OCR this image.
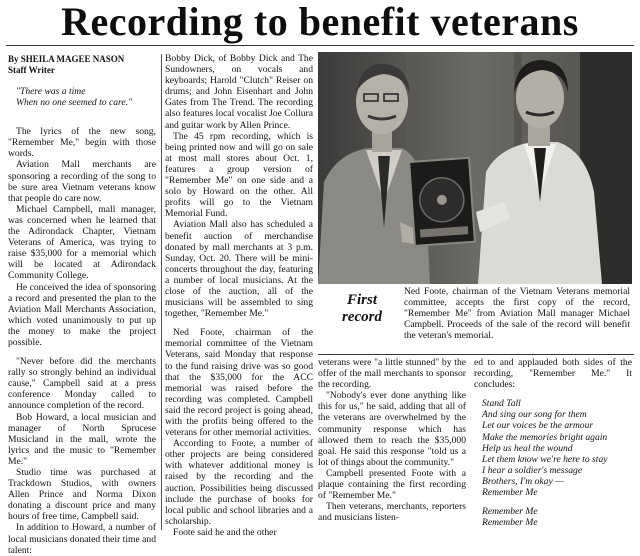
Recording to benefit veterans

By SHEILA MAGEE NASON

Staff Writer

"There was a time
When no one seemed to care."

The lyrics of the new song, "Remember Me," begin with those words.

Aviation Mall merchants are sponsoring a recording of the song to be sure area Vietnam veterans know that people do care now.

Michael Campbell, mall manager, was concerned when he learned that the Adirondack Chapter, Vietnam Veterans of America, was trying to raise $35,000 for a memorial which will be located at Adirondack Community College.

He conceived the idea of sponsoring a record and presented the plan to the Aviation Mall Merchants Association, which voted unanimously to put up the money to make the project possible.

"Never before did the merchants rally so strongly behind an individual cause," Campbell said at a press conference Monday called to announce completion of the record.

Bob Howard, a local musician and manager of North Sprucese Musicland in the mall, wrote the lyrics and the music to "Remember Me."

Studio time was purchased at Trackdown Studios, with owners Allen Prince and Norma Dixon donating a discount price and many hours of free time, Campbell said.

In addition to Howard, a number of local musicians donated their time and talent:

Bobby Dick, of Bobby Dick and The Sundowners, on vocals and keyboards; Harold "Clutch" Reiser on drums; and John Eisenhart and John Gates from The Trend. The recording also features local vocalist Joe Collura and guitar work by Allen Prince.

The 45 rpm recording, which is being printed now and will go on sale at most mall stores about Oct. 1, features a group version of "Remember Me" on one side and a solo by Howard on the other. All profits will go to the Vietnam Memorial Fund.

Aviation Mall also has scheduled a benefit auction of merchandise donated by mall merchants at 3 p.m. Sunday, Oct. 20. There will be mini-concerts throughout the day, featuring a number of local musicians. At the close of the auction, all of the musicians will be assembled to sing together, "Remember Me."

Ned Foote, chairman of the memorial committee of the Vietnam Veterans, said Monday that response to the fund raising drive was so good that the $35,000 for the ACC memorial was raised before the recording was completed. Campbell said the record project is going ahead, with the profits being offered to the veterans for other memorial activities.

According to Foote, a number of other projects are being considered with whatever additional money is raised by the recording and the auction. Possibilities being discussed include the purchase of books for local public and school libraries and a scholarship.

Foote said he and the other

First
record
Ned Foote, chairman of the Vietnam Veterans memorial committee, accepts the first copy of the record, "Remember Me" from Aviation Mall manager Michael Campbell. Proceeds of the sale of the record will benefit the veteran's memorial.

veterans were "a little stunned" by the offer of the mall merchants to sponsor the recording.

"Nobody's ever done anything like this for us," he said, adding that all of the veterans are overwhelmed by the community response which has allowed them to reach the $35,000 goal. He said this response "told us a lot of things about the community."

Campbell presented Foote with a plaque containing the first recording of "Remember Me."

Then veterans, merchants, reporters and musicians listen-

ed to and applauded both sides of the recording, "Remember Me." It concludes:

Stand Tall

And sing our song for them

Let our voices be the armour

Make the memories bright again

Help us heal the wound

Let them know we're here to stay

I hear a soldier's message

Brothers, I'm okay —

Remember Me

Remember Me

Remember Me
